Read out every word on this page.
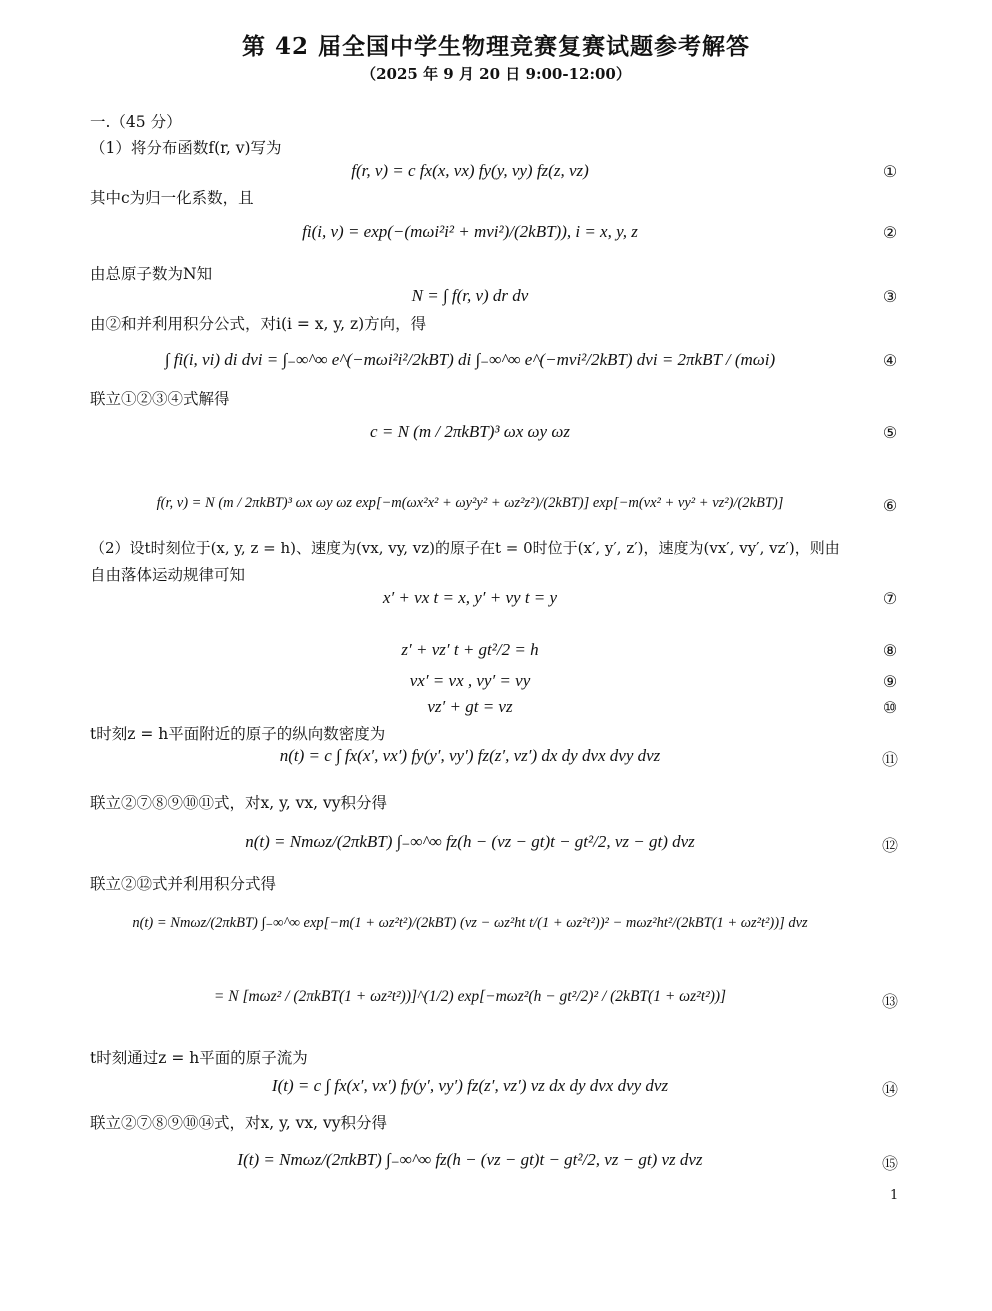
第 42 届全国中学生物理竞赛复赛试题参考解答
（2025 年 9 月 20 日 9:00-12:00）
一.（45 分）
（1）将分布函数f(r, v)写为
f(r, v) = c fx(x, vx) fy(y, vy) fz(z, vz)	①
其中c为归一化系数，且
fi(i, v) = exp(−(mωi²i² + mvi²)/(2kBT)), i = x, y, z	②
由总原子数为N知
N = ∫ f(r, v) dr dv	③
由②和并利用积分公式，对i(i = x, y, z)方向，得
∫ fi(i, vi) di dvi = ∫₋∞^∞ e^(−mωi²i²/2kBT) di ∫₋∞^∞ e^(−mvi²/2kBT) dvi = 2πkBT / (mωi)	④
联立①②③④式解得
c = N (m / 2πkBT)³ ωx ωy ωz	⑤
f(r, v) = N (m / 2πkBT)³ ωx ωy ωz exp[−m(ωx²x² + ωy²y² + ωz²z²)/(2kBT)] exp[−m(vx² + vy² + vz²)/(2kBT)]	⑥
（2）设t时刻位于(x, y, z = h)、速度为(vx, vy, vz)的原子在t = 0时位于(x′, y′, z′)，速度为(vx′, vy′, vz′)，则由
自由落体运动规律可知
x′ + vx t = x, y′ + vy t = y	⑦
z′ + vz′ t + gt²/2 = h	⑧
vx′ = vx , vy′ = vy	⑨
vz′ + gt = vz	⑩
t时刻z = h平面附近的原子的纵向数密度为
n(t) = c ∫ fx(x′, vx′) fy(y′, vy′) fz(z′, vz′) dx dy dvx dvy dvz	⑪
联立②⑦⑧⑨⑩⑪式，对x, y, vx, vy积分得
n(t) = Nmωz/(2πkBT) ∫₋∞^∞ fz(h − (vz − gt)t − gt²/2, vz − gt) dvz	⑫
联立②⑫式并利用积分式得
n(t) = Nmωz/(2πkBT) ∫₋∞^∞ exp[−m(1 + ωz²t²)/(2kBT) (vz − ωz²ht t/(1 + ωz²t²))² − mωz²ht²/(2kBT(1 + ωz²t²))] dvz
= N [mωz² / (2πkBT(1 + ωz²t²))]^(1/2) exp[−mωz²(h − gt²/2)² / (2kBT(1 + ωz²t²))]	⑬
t时刻通过z = h平面的原子流为
I(t) = c ∫ fx(x′, vx′) fy(y′, vy′) fz(z′, vz′) vz dx dy dvx dvy dvz	⑭
联立②⑦⑧⑨⑩⑭式，对x, y, vx, vy积分得
I(t) = Nmωz/(2πkBT) ∫₋∞^∞ fz(h − (vz − gt)t − gt²/2, vz − gt) vz dvz	⑮
1
